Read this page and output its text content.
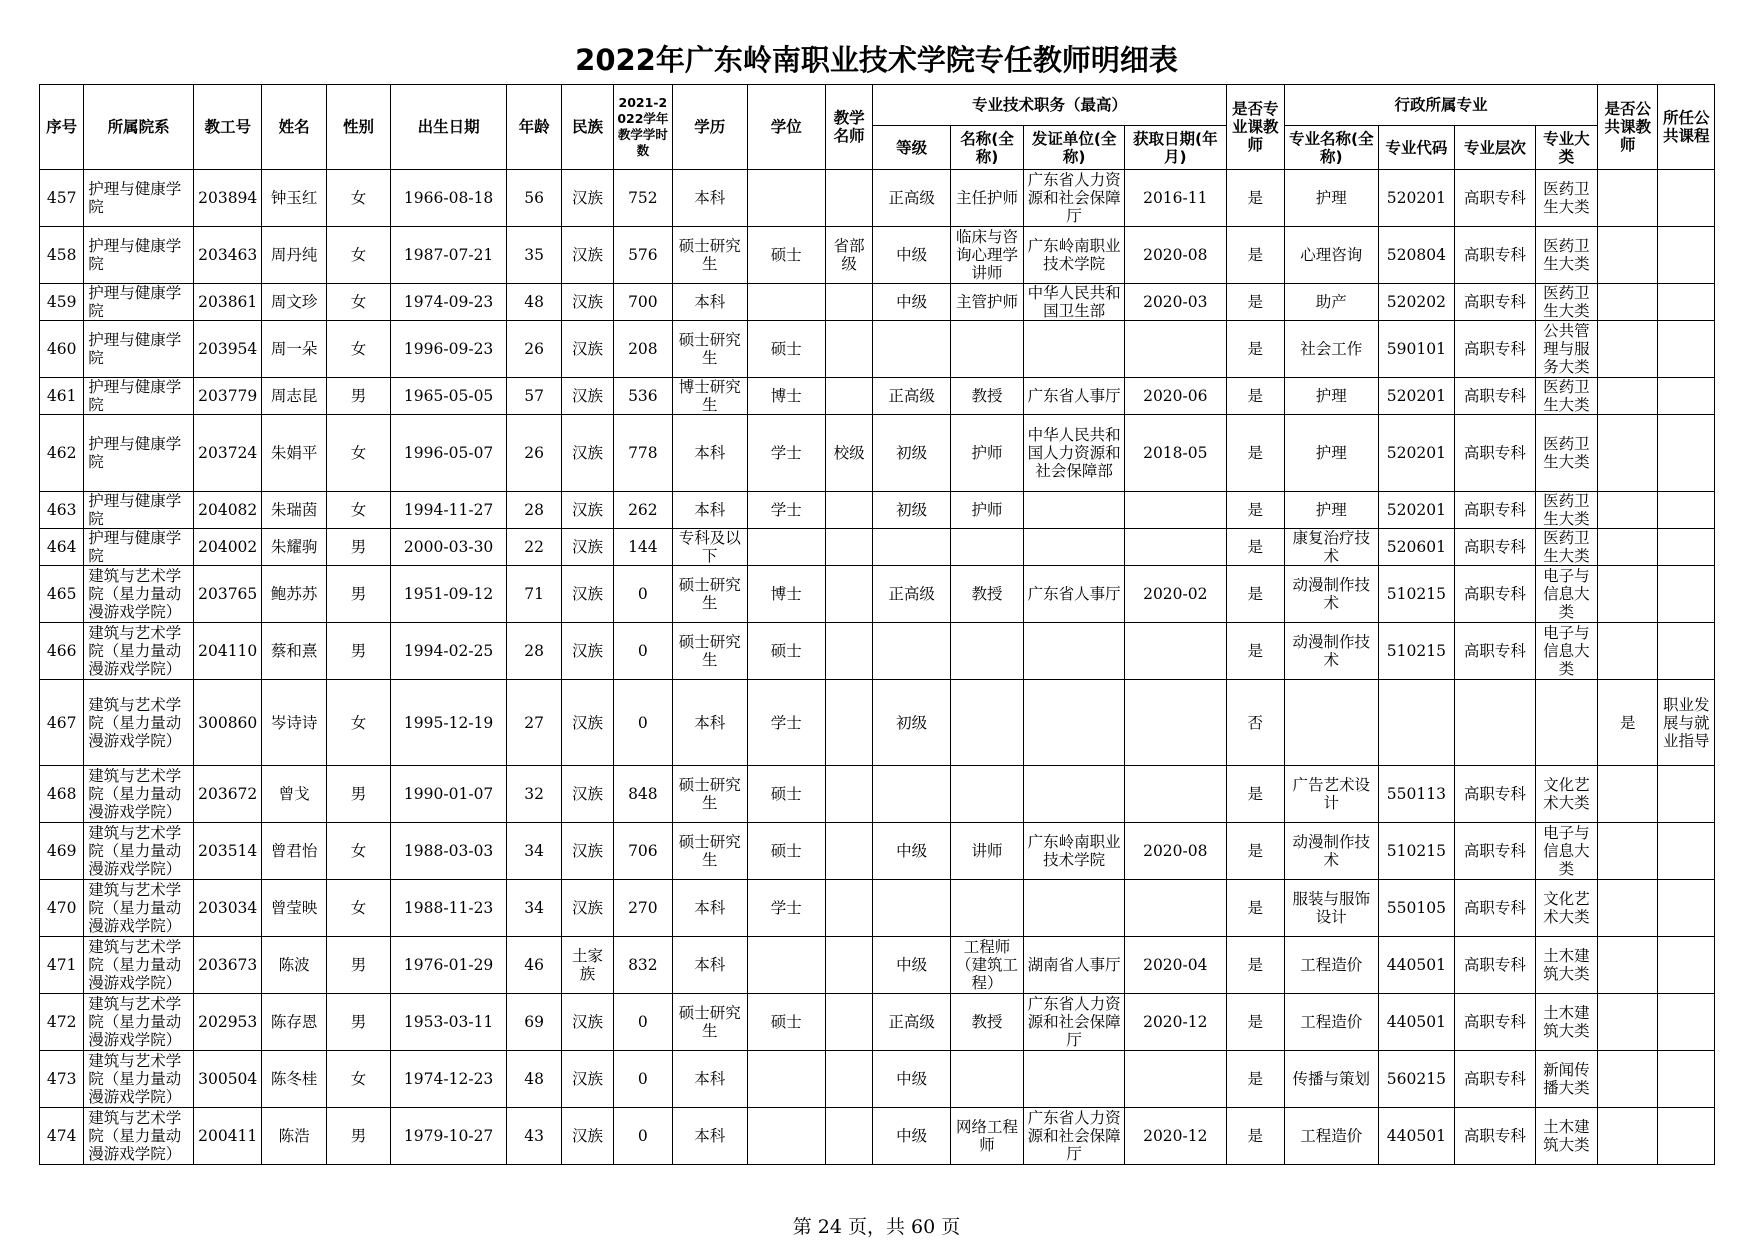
2022年广东岭南职业技术学院专任教师明细表
序号	所属院系	教工号	姓名	性别	出生日期	年龄	民族	2021-2022学年教学学时数	学历	学位	教学名师	专业技术职务（最高）				是否专业课教师	行政所属专业				是否公共课教师	所任公共课程
												等级	名称(全称)	发证单位(全称)	获取日期(年月)		专业名称(全称)	专业代码	专业层次	专业大类		

457	护理与健康学院	203894	钟玉红	女	1966-08-18	56	汉族	752	本科			正高级	主任护师	广东省人力资源和社会保障厅	2016-11	是	护理	520201	高职专科	医药卫生大类		

458	护理与健康学院	203463	周丹纯	女	1987-07-21	35	汉族	576	硕士研究生	硕士	省部级	中级	临床与咨询心理学讲师	广东岭南职业技术学院	2020-08	是	心理咨询	520804	高职专科	医药卫生大类		

459	护理与健康学院	203861	周文珍	女	1974-09-23	48	汉族	700	本科			中级	主管护师	中华人民共和国卫生部	2020-03	是	助产	520202	高职专科	医药卫生大类		

460	护理与健康学院	203954	周一朵	女	1996-09-23	26	汉族	208	硕士研究生	硕士						是	社会工作	590101	高职专科	公共管理与服务大类		

461	护理与健康学院	203779	周志昆	男	1965-05-05	57	汉族	536	博士研究生	博士		正高级	教授	广东省人事厅	2020-06	是	护理	520201	高职专科	医药卫生大类		

462	护理与健康学院	203724	朱娟平	女	1996-05-07	26	汉族	778	本科	学士	校级	初级	护师	中华人民共和国人力资源和社会保障部	2018-05	是	护理	520201	高职专科	医药卫生大类		

463	护理与健康学院	204082	朱瑞茵	女	1994-11-27	28	汉族	262	本科	学士		初级	护师			是	护理	520201	高职专科	医药卫生大类		

464	护理与健康学院	204002	朱耀驹	男	2000-03-30	22	汉族	144	专科及以下							是	康复治疗技术	520601	高职专科	医药卫生大类		

465	建筑与艺术学院（星力量动漫游戏学院）	203765	鲍苏苏	男	1951-09-12	71	汉族	0	硕士研究生	博士		正高级	教授	广东省人事厅	2020-02	是	动漫制作技术	510215	高职专科	电子与信息大类		

466	建筑与艺术学院（星力量动漫游戏学院）	204110	蔡和熹	男	1994-02-25	28	汉族	0	硕士研究生	硕士						是	动漫制作技术	510215	高职专科	电子与信息大类		

467	建筑与艺术学院（星力量动漫游戏学院）	300860	岑诗诗	女	1995-12-19	27	汉族	0	本科	学士		初级				否					是	职业发展与就业指导

468	建筑与艺术学院（星力量动漫游戏学院）	203672	曾戈	男	1990-01-07	32	汉族	848	硕士研究生	硕士						是	广告艺术设计	550113	高职专科	文化艺术大类		

469	建筑与艺术学院（星力量动漫游戏学院）	203514	曾君怡	女	1988-03-03	34	汉族	706	硕士研究生	硕士		中级	讲师	广东岭南职业技术学院	2020-08	是	动漫制作技术	510215	高职专科	电子与信息大类		

470	建筑与艺术学院（星力量动漫游戏学院）	203034	曾莹映	女	1988-11-23	34	汉族	270	本科	学士						是	服装与服饰设计	550105	高职专科	文化艺术大类		

471	建筑与艺术学院（星力量动漫游戏学院）	203673	陈波	男	1976-01-29	46	土家族	832	本科			中级	工程师（建筑工程）	湖南省人事厅	2020-04	是	工程造价	440501	高职专科	土木建筑大类		

472	建筑与艺术学院（星力量动漫游戏学院）	202953	陈存恩	男	1953-03-11	69	汉族	0	硕士研究生	硕士		正高级	教授	广东省人力资源和社会保障厅	2020-12	是	工程造价	440501	高职专科	土木建筑大类		

473	建筑与艺术学院（星力量动漫游戏学院）	300504	陈冬桂	女	1974-12-23	48	汉族	0	本科			中级				是	传播与策划	560215	高职专科	新闻传播大类		

474	建筑与艺术学院（星力量动漫游戏学院）	200411	陈浩	男	1979-10-27	43	汉族	0	本科			中级	网络工程师	广东省人力资源和社会保障厅	2020-12	是	工程造价	440501	高职专科	土木建筑大类		

第 24 页，共 60 页
